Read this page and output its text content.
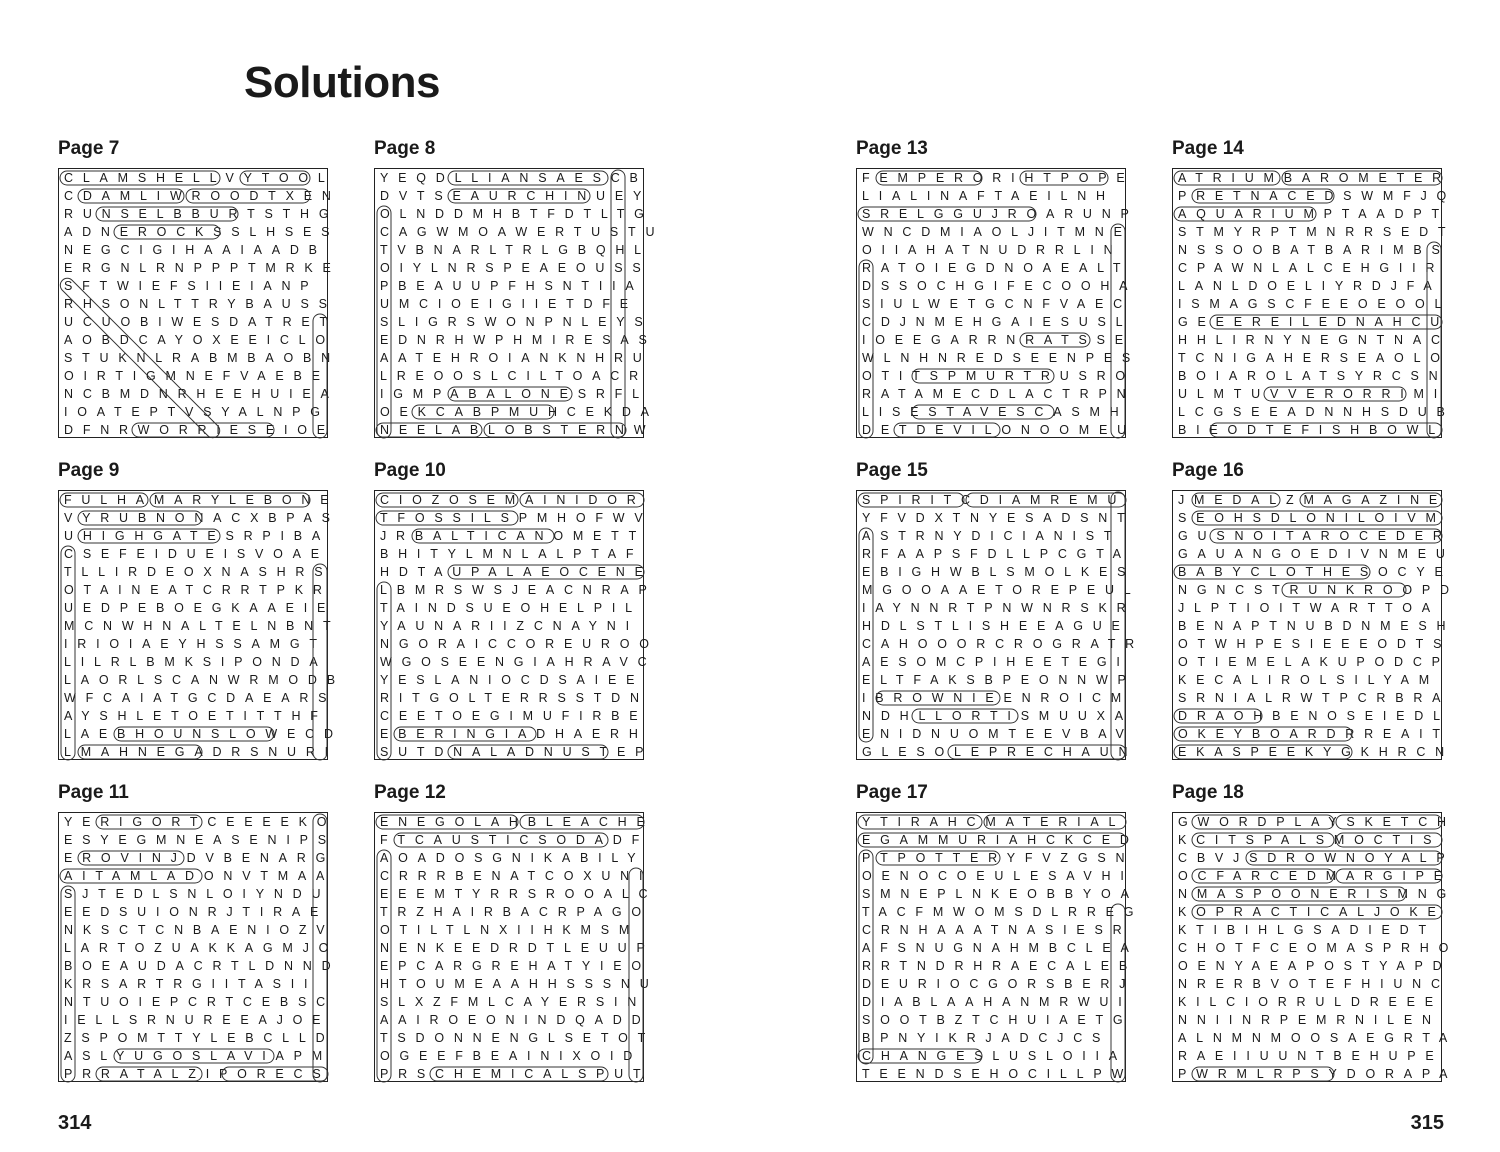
Solutions
Page 7
CLAMSHELLVYTOOL
CDAMLIWROODTXEN
RUNSELBBURTSTHG
ADNEROCKSSLHSES
NEGCIGIHAAIAADB
ERGNLRNPPPTMRKE
SFTWIEFSIIEIANP
RHSONLTTRYBAUSS
UCUOBIWESDATRET
AOBDCAYOXEEICLO
STUKNLRABMBAOBN
OIRTIGMNEFVAEBE
NCBMDNRHEEHUIEA
IOATEPTVSYALNPG
DFNRWORRIESEIOE
Page 8
YEQDLLIANSAESCB
DVTSEAURCHINUEY
OLNDDMHBTFDTLTG
CAGWMOAWERTUSTU
TVBNARLTRLGBQHL
OIYLNRSPEAEOUSS
PBEAUUPFHSNTIIA
UMCIOEIGIIETDFE
SLIGRSWONPNLEYS
EDNRHWPHMIRESAS
AATEHROIANKNHRU
LREOOSLCILTOACR
IGMPABALONESRFL
OEKCABPMUHCEKDA
NEELABLOBSTERNW
Page 9
FULHAMARYLEBONE
VYRUBNONACXBPAS
UHIGHGATESRPIBA
CSEFEIDUEISVOAE
TLLIRDEOXNASHRS
OTAINEATCRRTPKR
UEDPEBOEGKAAEIE
MCNWHNALTELNBNT
IRIOIAEYHSSAMGT
LILRLBMKSIPONDA
LAORLSCANWRMODB
WFCAIATGCDAEARS
AYSHLETOETITTHF
LAEBHOUNSLOWECD
LMAHNEGADRSNURI
Page 10
CIOZOSEMAINIDOR
TFOSSILSPMHOFWV
JRBALTICANOMETT
BHITYLMNLALPTAF
HDTAUPALAEOCENE
LBMRSWSJEACNRAP
TAINDSUEOHELPIL
YAUNARIIZCNAYNI
NGORAICCOREUROO
WGOSEENGIAHRAVC
YESLANIOCDSAIEE
RITGOLTERRSSTDN
CEETOEGIMUFIRBE
EBERINGIADHAERH
SUTDNALADNUSTEP
Page 11
YERIGORTCEEEEKO
ESYEGMNEASENIPS
EROVINJDVBENARG
AITAMLADONVTMAA
SJTEDLSNLOIYNDU
EEDSUIONRJTIRAE
NKSCTCNBAENIOZV
LARTOZUAKKAGMJO
BOEAUDACRTLDNND
KRSARTRGIITASII
NTUOIEPCRTCEBSC
IELLSRNUREEAJOE
ZSPOMTTYLEBCLLD
ASLYUGOSLAVIAPM
PRRATALZIPORECS
Page 12
ENEGOLAHBLEACHE
FTCAUSTICSODADF
AOADOSGNIKABILY
CRRRBENATCOXUNI
EEEMTYRRSROOALC
TRZHAIRBACRPAGO
OTILTLNXIIHKMSM
NENKEEDRDTLEUUP
EPCARGREHATYIEO
HTOUMEAAHHSSSNU
SLXZFMLCAYERSIN
AAIROEONINDQADD
TSDONNENGLSETOT
OGEEFBEAINIXOID
PRSCHEMICALSPUT
Page 13
FEMPERORIHTPOPE
LIALINAFTAEILNH
SRELGGUJROARUNP
WNCDMIAOLJITMNE
OIIAHATNUDRRLIN
RATOIEGDNOAEALT
DSSOCHGIFECOOHA
SIULWETGCNFVAEC
CDJNMEHGAIESUSL
IOEEGARRNRATSSE
WLNHNREDSEENPES
OTITSPMURTRUSRO
RATAMECDLACTRPN
LISESTAVESCASMH
DETDEVILONOOMEU
Page 14
ATRIUMBAROMETER
PRETNACEDSWMFJQ
AQUARIUMPTAADPT
STMYRPTMNRRSEDT
NSSOOBATBARIMBS
CPAWNLALCEHGIIR
LANLDOELIYRDJFA
ISMAGSCFEEOEOOL
GEEEREILEDNAHCU
HHLIRNYNEGNTNAC
TCNIGAHERSEAOLO
BOIAROLATSYRCSN
ULMTUVVERORRIMI
LCGSEEADNNHSDUB
BIEODTEFISHBOWL
Page 15
SPIRITCDIAMREMU
YFVDXTNYESADSNT
ASTRNYDICIANIST
RFAAPSFDLLPCGTA
EBIGHWBLSMOLKES
MGOOAAETOREPEUL
IAYNNRTPNWNRSKR
HDLSTLISHEEAGUE
CAHOOORCROGRATR
AESOMCPIHEETEGI
ELTFAKSBPEONNWP
IBROWNIEENROICM
NDHLLORTISMUUXA
ENIDNUOMTEEVBAV
GLESOLEPRECHAUN
Page 16
JMEDALZMAGAZINE
SEOHSDLONILOIVM
GUSNOITAROCEDER
GAUANGOEDIVNMEU
BABYCLOTHESOCYE
NGNCSTRUNKROOPD
JLPTIOITWARTTOA
BENAPTNUBDNMESH
OTWHPESIEEEODTS
OTIEMELAKUPODCP
KECALIROLSILYAM
SRNIALRWTPCRBRA
DRAOHBENOSEIEDL
OKEYBOARDRREAIT
EKASPEEKYGKHRCN
Page 17
YTIRAHCMATERIAL
EGAMMURIAHCKCED
PTPOTTERYFVZGSN
OENOCOEULESAVHI
SMNEPLNKEOBBYOA
TACFMWOMSDLRREG
CRNHAAATNASIESR
AFSNUGNAHMBCLEA
RRTNDRHRAECALEB
DEURIOCGORSBERJ
DIABLAAHANMRWUI
SOOTBZTCHUIAETG
BPNYIKRJADCJCS
CHANGESLUSLOIIA
TEENDSEHOCILLPW
Page 18
GWORDPLAYSKETCH
KCITSPALSMOCTIS
CBVJSDROWNOYALP
OCFARCEDMARGIPE
NMASPOONERISMNG
KOPRACTICALJOKE
KTIBIHLGSADIEDT
CHOTFCEOMASPRHO
OENYAEAPOSTYAPD
NRERBVOTEFHIUNC
KILCIORRULDREEE
NNIINRPEMRNILEN
ALNMNMOOSAEGRTA
RAEIIUUNTBEHUPE
PWRMLRPSYDORAPA
314	315
